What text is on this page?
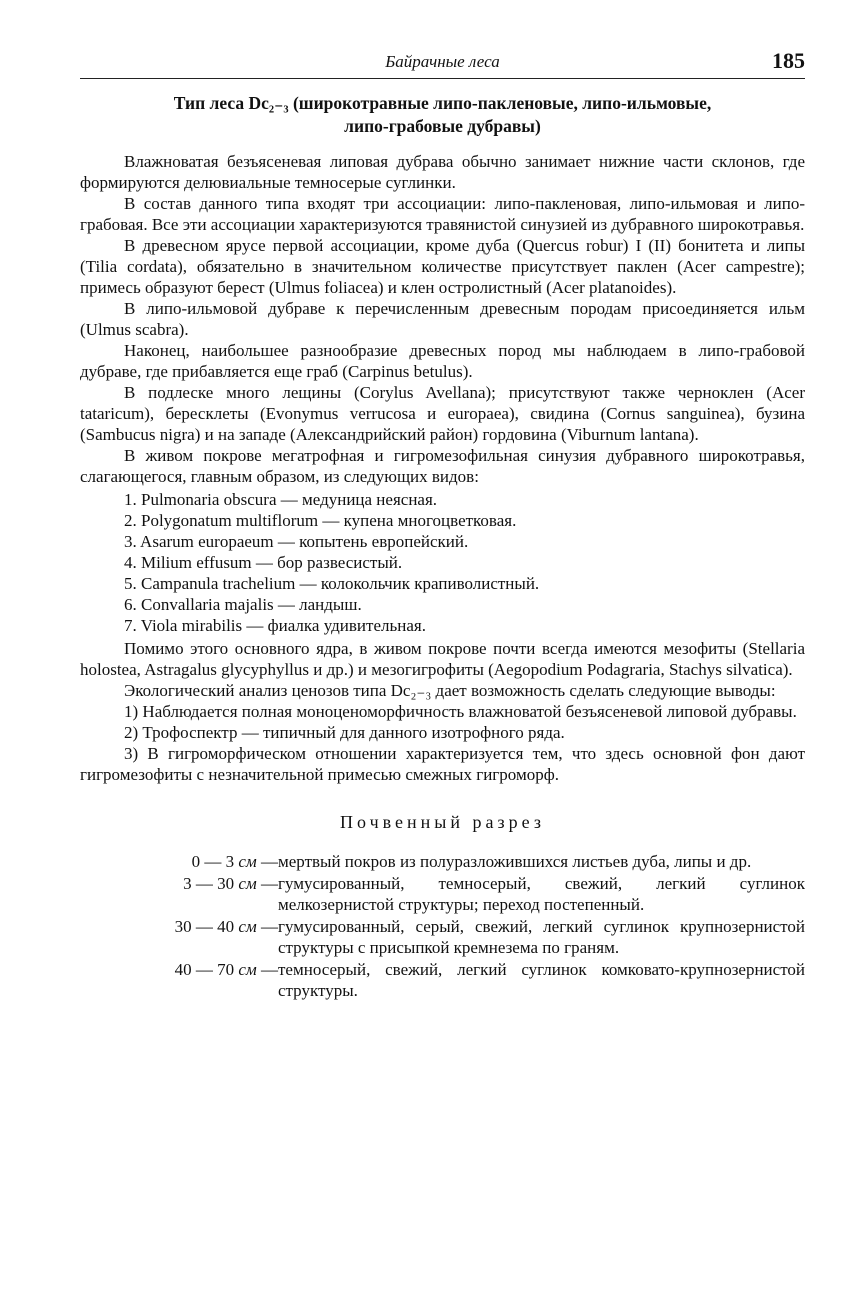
Байрачные леса	185
Тип леса Dc₂₋₃ (широкотравные липо-пакленовые, липо-ильмовые,
липо-грабовые дубравы)

Влажноватая безъясеневая липовая дубрава обычно занимает нижние части склонов, где формируются делювиальные темносерые суглинки.

В состав данного типа входят три ассоциации: липо-пакленовая, липо-ильмовая и липо-грабовая. Все эти ассоциации характеризуются травянистой синузией из дубравного широкотравья.

В древесном ярусе первой ассоциации, кроме дуба (Quercus robur) I (II) бонитета и липы (Tilia cordata), обязательно в значительном количестве присутствует паклен (Acer campestre); примесь образуют берест (Ulmus foliacea) и клен остролистный (Acer platanoides).

В липо-ильмовой дубраве к перечисленным древесным породам присоединяется ильм (Ulmus scabra).

Наконец, наибольшее разнообразие древесных пород мы наблюдаем в липо-грабовой дубраве, где прибавляется еще граб (Carpinus betulus).

В подлеске много лещины (Corylus Avellana); присутствуют также черноклен (Acer tataricum), бересклеты (Evonymus verrucosa и europaea), свидина (Cornus sanguinea), бузина (Sambucus nigra) и на западе (Александрийский район) гордовина (Viburnum lantana).

В живом покрове мегатрофная и гигромезофильная синузия дубравного широкотравья, слагающегося, главным образом, из следующих видов:

1. Pulmonaria obscura — медуница неясная.
2. Polygonatum multiflorum — купена многоцветковая.
3. Asarum europaeum — копытень европейский.
4. Milium effusum — бор развесистый.
5. Campanula trachelium — колокольчик крапиволистный.
6. Convallaria majalis — ландыш.
7. Viola mirabilis — фиалка удивительная.

Помимо этого основного ядра, в живом покрове почти всегда имеются мезофиты (Stellaria holostea, Astragalus glycyphyllus и др.) и мезогигрофиты (Aegopodium Podagraria, Stachys silvatica).

Экологический анализ ценозов типа Dc₂₋₃ дает возможность сделать следующие выводы:

1) Наблюдается полная моноценоморфичность влажноватой безъясеневой липовой дубравы.

2) Трофоспектр — типичный для данного изотрофного ряда.

3) В гигроморфическом отношении характеризуется тем, что здесь основной фон дают гигромезофиты с незначительной примесью смежных гигроморф.

Почвенный разрез
0 — 3 см — мертвый покров из полуразложившихся листьев дуба, липы и др.
3 — 30 см — гумусированный, темносерый, свежий, легкий суглинок мелкозернистой структуры; переход постепенный.
30 — 40 см — гумусированный, серый, свежий, легкий суглинок крупнозернистой структуры с присыпкой кремнезема по граням.
40 — 70 см — темносерый, свежий, легкий суглинок комковато-крупнозернистой структуры.
